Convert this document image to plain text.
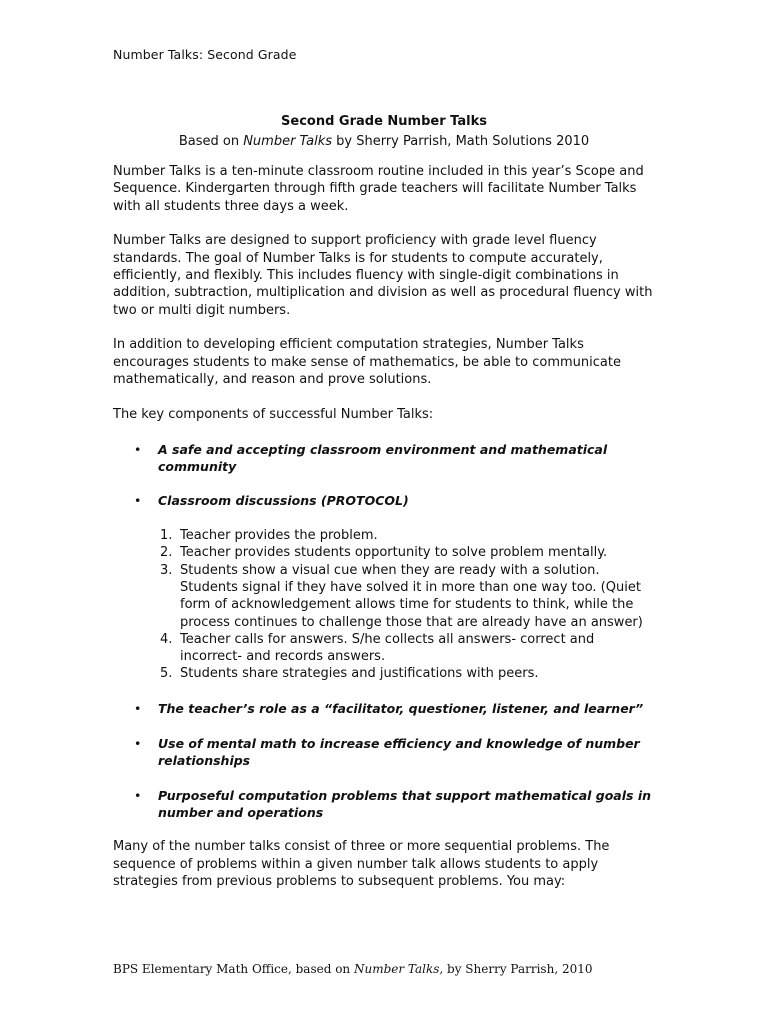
Number Talks: Second Grade
Second Grade Number Talks
Based on Number Talks by Sherry Parrish, Math Solutions 2010

Number Talks is a ten-minute classroom routine included in this year’s Scope and Sequence. Kindergarten through fifth grade teachers will facilitate Number Talks with all students three days a week.

Number Talks are designed to support proficiency with grade level fluency standards. The goal of Number Talks is for students to compute accurately, efficiently, and flexibly. This includes fluency with single-digit combinations in addition, subtraction, multiplication and division as well as procedural fluency with two or multi digit numbers.

In addition to developing efficient computation strategies, Number Talks encourages students to make sense of mathematics, be able to communicate mathematically, and reason and prove solutions.

The key components of successful Number Talks:

• A safe and accepting classroom environment and mathematical community
• Classroom discussions (PROTOCOL)
1. Teacher provides the problem.
2. Teacher provides students opportunity to solve problem mentally.
3. Students show a visual cue when they are ready with a solution. Students signal if they have solved it in more than one way too. (Quiet form of acknowledgement allows time for students to think, while the process continues to challenge those that are already have an answer)
4. Teacher calls for answers. S/he collects all answers- correct and incorrect- and records answers.
5. Students share strategies and justifications with peers.
• The teacher’s role as a “facilitator, questioner, listener, and learner”
• Use of mental math to increase efficiency and knowledge of number relationships
• Purposeful computation problems that support mathematical goals in number and operations

Many of the number talks consist of three or more sequential problems. The sequence of problems within a given number talk allows students to apply strategies from previous problems to subsequent problems. You may:

BPS Elementary Math Office, based on Number Talks, by Sherry Parrish, 2010
